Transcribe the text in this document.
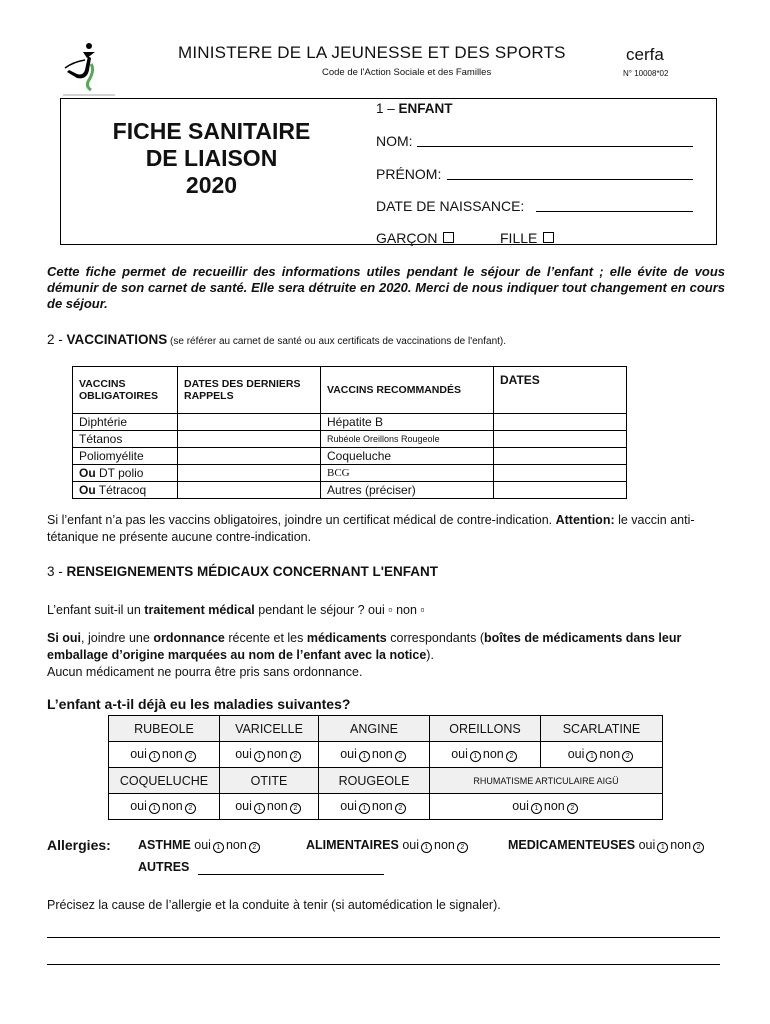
MINISTERE DE LA JEUNESSE ET DES SPORTS	cerfa
Code de l'Action Sociale et des Familles	N° 10008*02
FICHE SANITAIRE
DE LIAISON
2020
1 – ENFANT
NOM:
PRÉNOM:
DATE DE NAISSANCE:
GARÇON	FILLE
Cette fiche permet de recueillir des informations utiles pendant le séjour de l’enfant ; elle évite de vous démunir de son carnet de santé. Elle sera détruite en 2020. Merci de nous indiquer tout changement en cours de séjour.
2 - VACCINATIONS (se référer au carnet de santé ou aux certificats de vaccinations de l'enfant).
VACCINS OBLIGATOIRES	DATES DES DERNIERS RAPPELS	VACCINS RECOMMANDÉS	DATES
Diphtérie		Hépatite B	
Tétanos		Rubéole Oreillons Rougeole	
Poliomyélite		Coqueluche	
Ou DT polio		BCG	
Ou Tétracoq		Autres (préciser)	
Si l’enfant n’a pas les vaccins obligatoires, joindre un certificat médical de contre-indication. Attention: le vaccin anti-tétanique ne présente aucune contre-indication.
3 - RENSEIGNEMENTS MÉDICAUX CONCERNANT L'ENFANT
L’enfant suit-il un traitement médical pendant le séjour ? oui ▫ non ▫
Si oui, joindre une ordonnance récente et les médicaments correspondants (boîtes de médicaments dans leur emballage d’origine marquées au nom de l’enfant avec la notice).
Aucun médicament ne pourra être pris sans ordonnance.
L’enfant a-t-il déjà eu les maladies suivantes?
RUBEOLE	VARICELLE	ANGINE	OREILLONS	SCARLATINE
oui 1 non 2	oui 1 non 2	oui 1 non 2	oui 1 non 2	oui 1 non 2
COQUELUCHE	OTITE	ROUGEOLE	RHUMATISME ARTICULAIRE AIGÜ	
oui 1 non 2	oui 1 non 2	oui 1 non 2	oui 1 non 2	
Allergies: ASTHME oui 1 non 2	ALIMENTAIRES oui 1 non 2	MEDICAMENTEUSES oui 1 non 2
AUTRES
Précisez la cause de l’allergie et la conduite à tenir (si automédication le signaler).
